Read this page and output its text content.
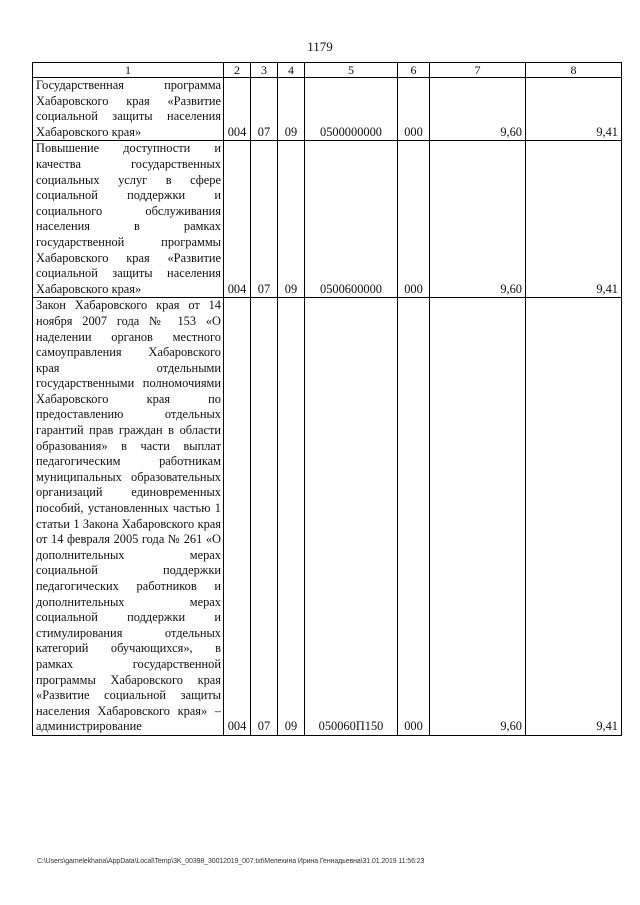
1179
1	2	3	4	5	6	7	8
Государственная программа Хабаровского края «Развитие социальной защиты населения Хабаровского края»	004	07	09	0500000000	000	9,60	9,41
Повышение доступности и качества государственных социальных услуг в сфере социальной поддержки и социального обслуживания населения в рамках государственной программы Хабаровского края «Развитие социальной защиты населения Хабаровского края»	004	07	09	0500600000	000	9,60	9,41
Закон Хабаровского края от 14 ноября 2007 года № 153 «О наделении органов местного самоуправления Хабаровского края отдельными государственными полномочиями Хабаровского края по предоставлению отдельных гарантий прав граждан в области образования» в части выплат педагогическим работникам муниципальных образовательных организаций единовременных пособий, установленных частью 1 статьи 1 Закона Хабаровского края от 14 февраля 2005 года № 261 «О дополнительных мерах социальной поддержки педагогических работников и дополнительных мерах социальной поддержки и стимулирования отдельных категорий обучающихся», в рамках государственной программы Хабаровского края «Развитие социальной защиты населения Хабаровского края» – администрирование	004	07	09	050060П150	000	9,60	9,41
C:\Users\gamelekhana\AppData\Local\Temp\3K_00398_30012019_007.txt\Мелехина Ирина Геннадьевна\31.01.2019 11:56:23
